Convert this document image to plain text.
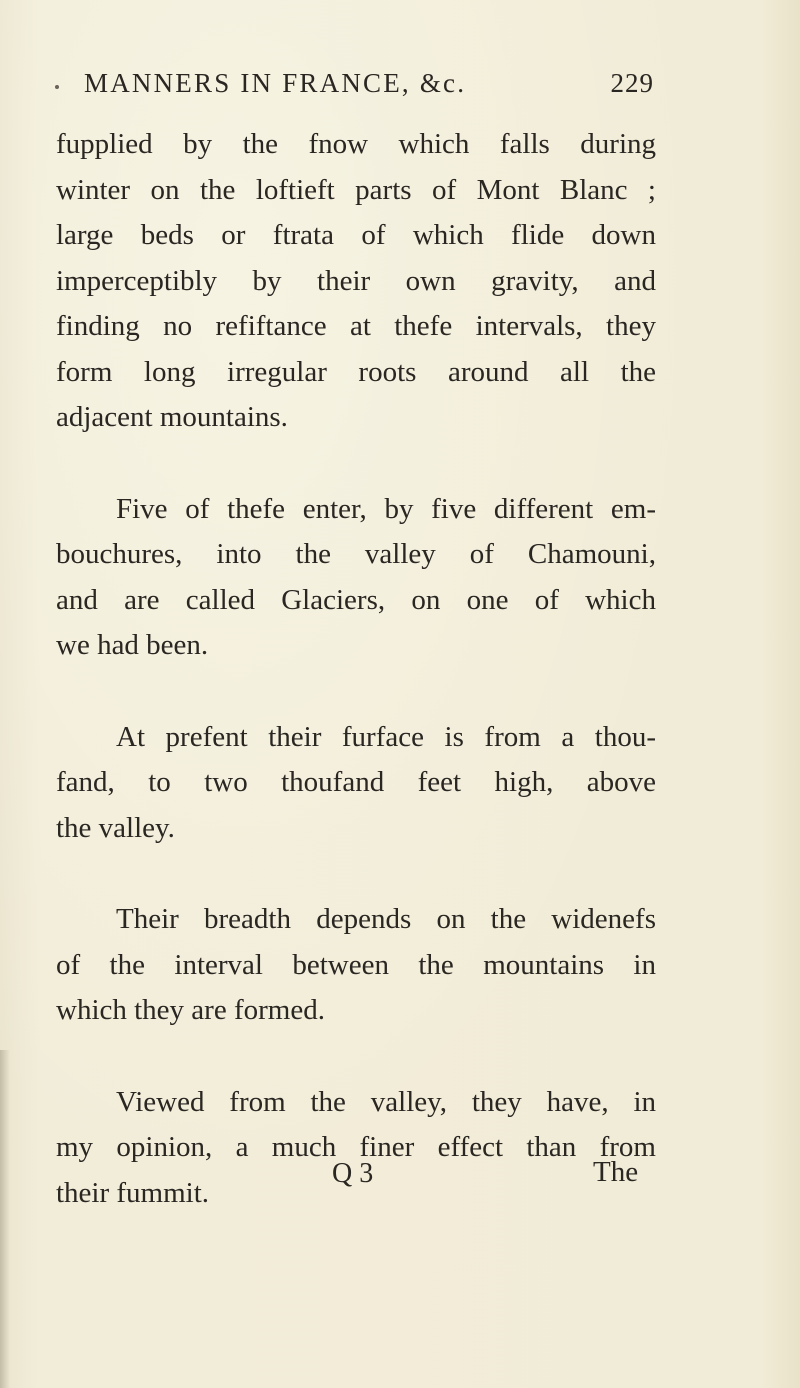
MANNERS IN FRANCE, &c.	229

fupplied by the fnow which falls during
winter on the loftieft parts of Mont Blanc ;
large beds or ftrata of which flide down
imperceptibly by their own gravity, and
finding no refiftance at thefe intervals, they
form long irregular roots around all the
adjacent mountains.

Five of thefe enter, by five different em-
bouchures, into the valley of Chamouni,
and are called Glaciers, on one of which
we had been.

At prefent their furface is from a thou-
fand, to two thoufand feet high, above
the valley.

Their breadth depends on the widenefs
of the interval between the mountains in
which they are formed.

Viewed from the valley, they have, in
my opinion, a much finer effect than from
their fummit.

Q 3	The
